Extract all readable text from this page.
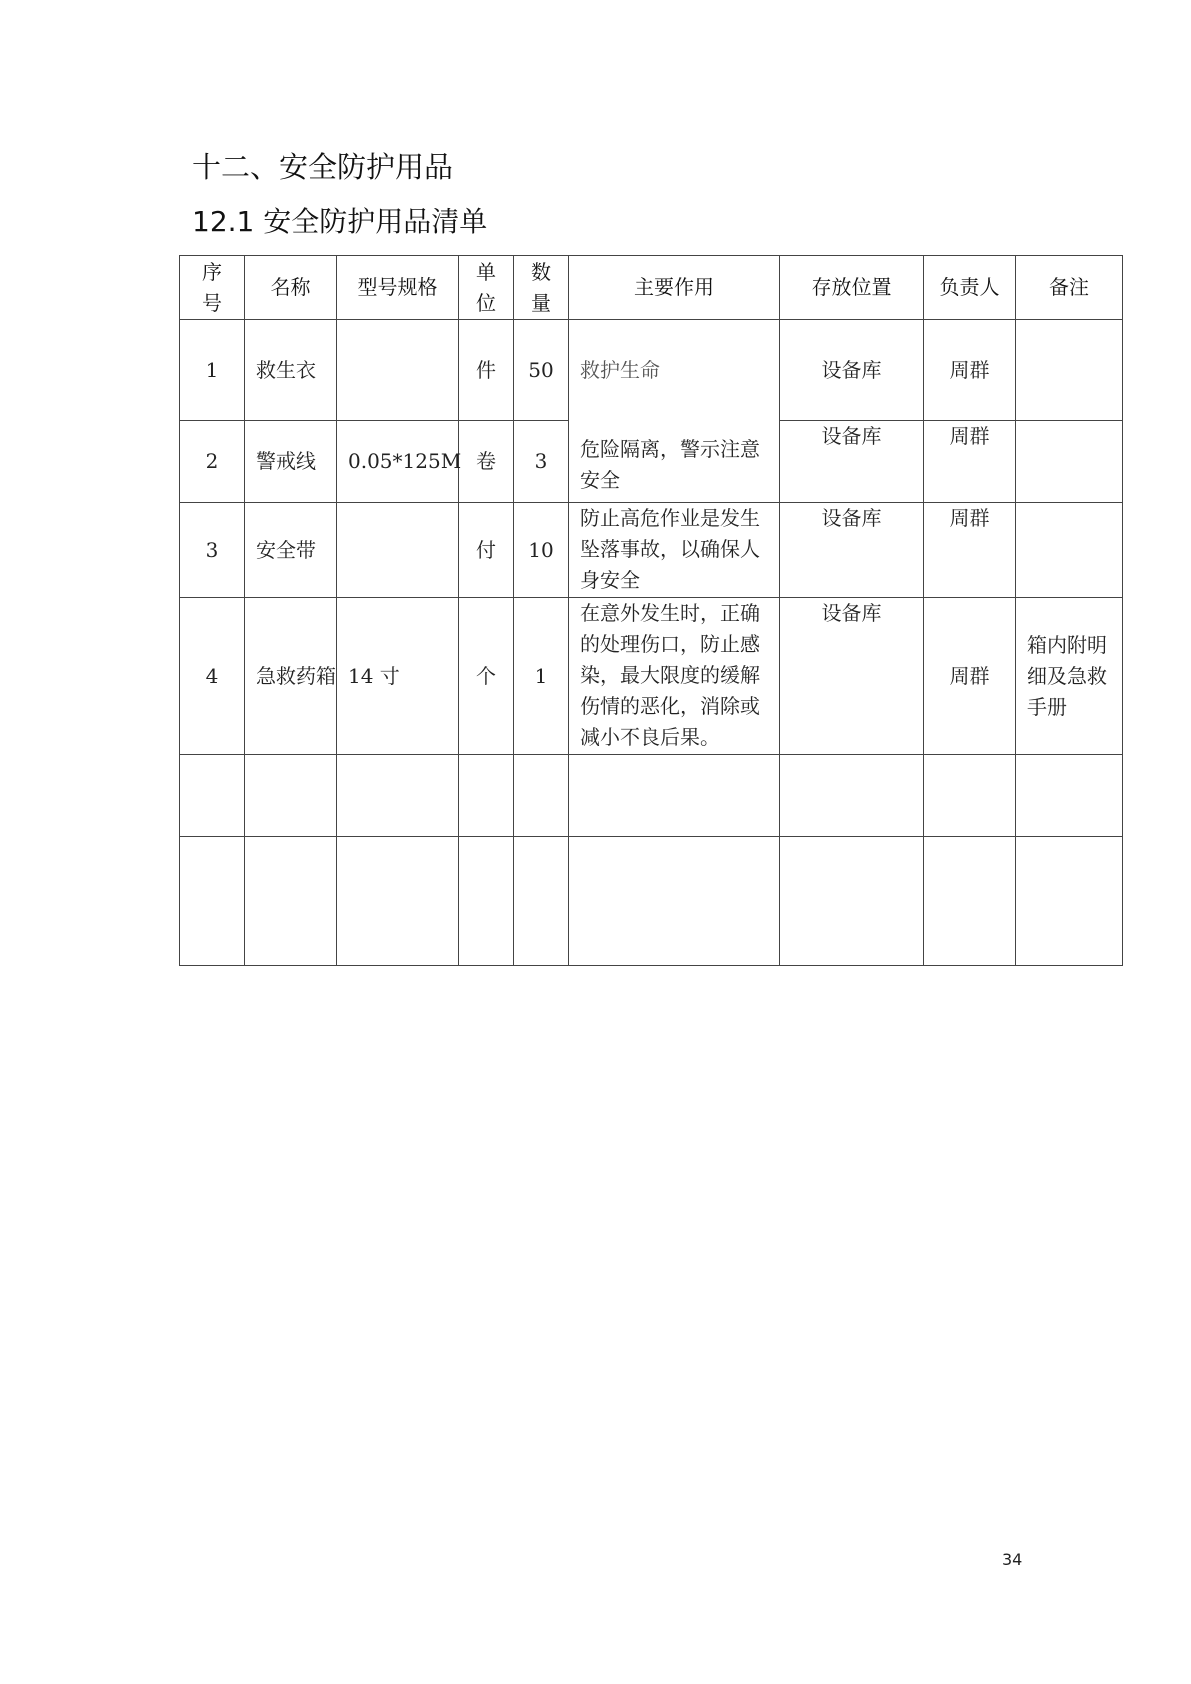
十二、安全防护用品
12.1 安全防护用品清单
序号	名称	型号规格	单位	数量	主要作用	存放位置	负责人	备注
1	救生衣		件	50	救护生命	设备库	周群	
2	警戒线	0.05*125M	卷	3	危险隔离，警示注意安全	设备库	周群	
3	安全带		付	10	防止高危作业是发生坠落事故，以确保人身安全	设备库	周群	
4	急救药箱	14 寸	个	1	在意外发生时，正确的处理伤口，防止感染，最大限度的缓解伤情的恶化，消除或减小不良后果。	设备库	周群	箱内附明细及急救手册

34
